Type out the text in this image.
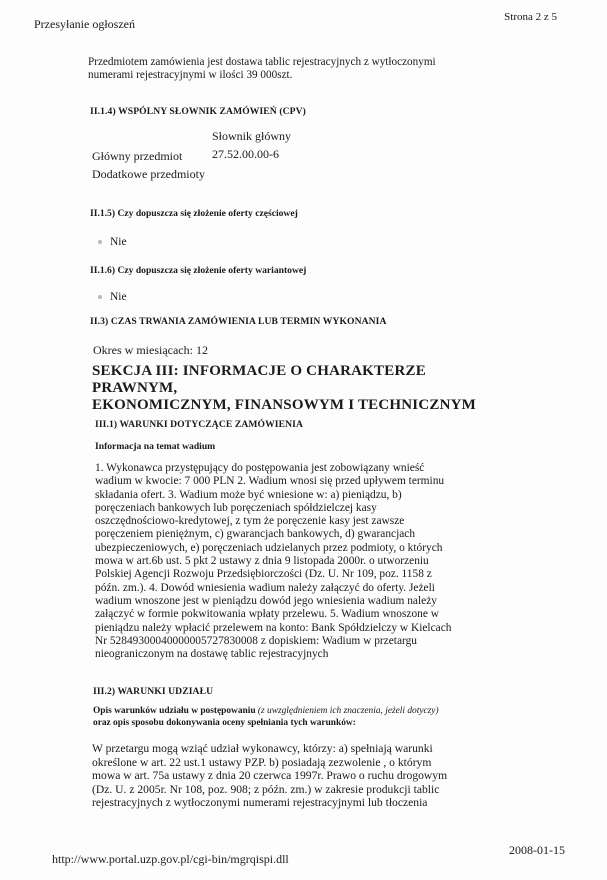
Przesyłanie ogłoszeń	Strona 2 z 5
Przedmiotem zamówienia jest dostawa tablic rejestracyjnych z wytłoczonymi
numerami rejestracyjnymi w ilości 39 000szt.
II.1.4) WSPÓLNY SŁOWNIK ZAMÓWIEŃ (CPV)
Słownik główny
Główny przedmiot 27.52.00.00-6
Dodatkowe przedmioty
II.1.5) Czy dopuszcza się złożenie oferty częściowej
Nie
II.1.6) Czy dopuszcza się złożenie oferty wariantowej
Nie
II.3) CZAS TRWANIA ZAMÓWIENIA LUB TERMIN WYKONANIA
Okres w miesiącach: 12
SEKCJA III: INFORMACJE O CHARAKTERZE PRAWNYM,
EKONOMICZNYM, FINANSOWYM I TECHNICZNYM
III.1) WARUNKI DOTYCZĄCE ZAMÓWIENIA
Informacja na temat wadium
1. Wykonawca przystępujący do postępowania jest zobowiązany wnieść
wadium w kwocie: 7 000 PLN 2. Wadium wnosi się przed upływem terminu
składania ofert. 3. Wadium może być wniesione w: a) pieniądzu, b)
poręczeniach bankowych lub poręczeniach spółdzielczej kasy
oszczędnościowo-kredytowej, z tym że poręczenie kasy jest zawsze
poręczeniem pieniężnym, c) gwarancjach bankowych, d) gwarancjach
ubezpieczeniowych, e) poręczeniach udzielanych przez podmioty, o których
mowa w art.6b ust. 5 pkt 2 ustawy z dnia 9 listopada 2000r. o utworzeniu
Polskiej Agencji Rozwoju Przedsiębiorczości (Dz. U. Nr 109, poz. 1158 z
późn. zm.). 4. Dowód wniesienia wadium należy załączyć do oferty. Jeżeli
wadium wnoszone jest w pieniądzu dowód jego wniesienia wadium należy
załączyć w formie pokwitowania wpłaty przelewu. 5. Wadium wnoszone w
pieniądzu należy wpłacić przelewem na konto: Bank Spółdzielczy w Kielcach
Nr 52849300040000005727830008 z dopiskiem: Wadium w przetargu
nieograniczonym na dostawę tablic rejestracyjnych
III.2) WARUNKI UDZIAŁU
Opis warunków udziału w postępowaniu (z uwzględnieniem ich znaczenia, jeżeli dotyczy)
oraz opis sposobu dokonywania oceny spełniania tych warunków:
W przetargu mogą wziąć udział wykonawcy, którzy: a) spełniają warunki
określone w art. 22 ust.1 ustawy PZP. b) posiadają zezwolenie , o którym
mowa w art. 75a ustawy z dnia 20 czerwca 1997r. Prawo o ruchu drogowym
(Dz. U. z 2005r. Nr 108, poz. 908; z późn. zm.) w zakresie produkcji tablic
rejestracyjnych z wytłoczonymi numerami rejestracyjnymi lub tłoczenia
http://www.portal.uzp.gov.pl/cgi-bin/mgrqispi.dll
2008-01-15
